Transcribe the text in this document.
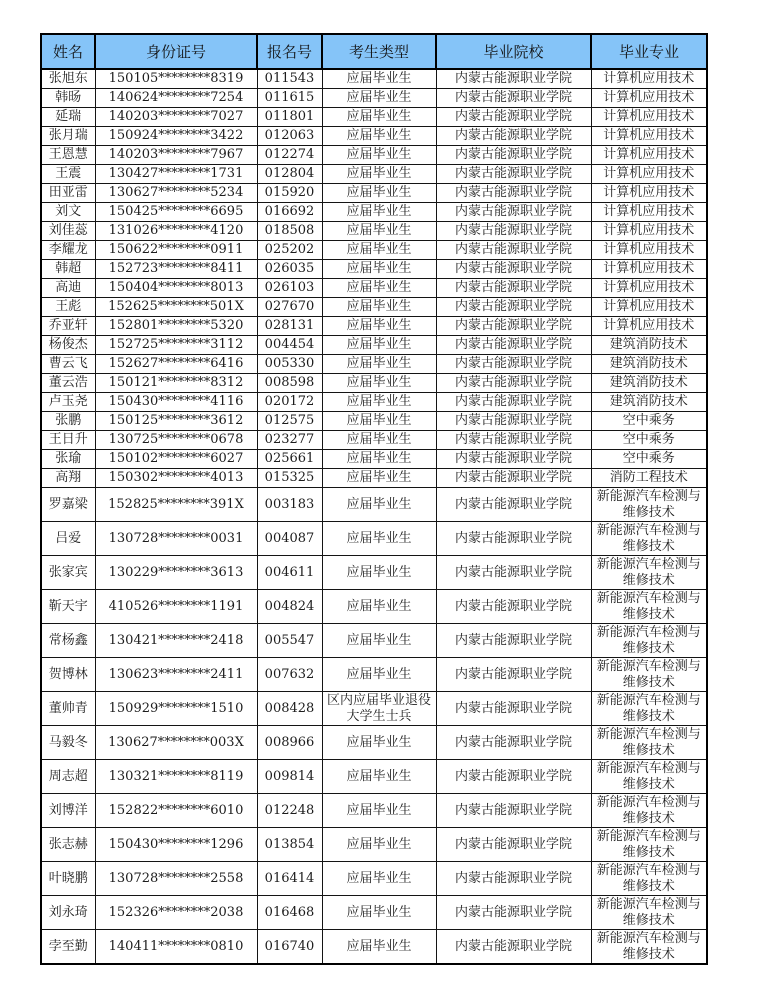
姓名	身份证号	报名号	考生类型	毕业院校	毕业专业
张旭东	150105********8319	011543	应届毕业生	内蒙古能源职业学院	计算机应用技术
韩旸	140624********7254	011615	应届毕业生	内蒙古能源职业学院	计算机应用技术
延瑞	140203********7027	011801	应届毕业生	内蒙古能源职业学院	计算机应用技术
张月瑞	150924********3422	012063	应届毕业生	内蒙古能源职业学院	计算机应用技术
王恩慧	140203********7967	012274	应届毕业生	内蒙古能源职业学院	计算机应用技术
王震	130427********1731	012804	应届毕业生	内蒙古能源职业学院	计算机应用技术
田亚雷	130627********5234	015920	应届毕业生	内蒙古能源职业学院	计算机应用技术
刘文	150425********6695	016692	应届毕业生	内蒙古能源职业学院	计算机应用技术
刘佳蕊	131026********4120	018508	应届毕业生	内蒙古能源职业学院	计算机应用技术
李耀龙	150622********0911	025202	应届毕业生	内蒙古能源职业学院	计算机应用技术
韩超	152723********8411	026035	应届毕业生	内蒙古能源职业学院	计算机应用技术
高迪	150404********8013	026103	应届毕业生	内蒙古能源职业学院	计算机应用技术
王彪	152625********501X	027670	应届毕业生	内蒙古能源职业学院	计算机应用技术
乔亚轩	152801********5320	028131	应届毕业生	内蒙古能源职业学院	计算机应用技术
杨俊杰	152725********3112	004454	应届毕业生	内蒙古能源职业学院	建筑消防技术
曹云飞	152627********6416	005330	应届毕业生	内蒙古能源职业学院	建筑消防技术
董云浩	150121********8312	008598	应届毕业生	内蒙古能源职业学院	建筑消防技术
卢玉尧	150430********4116	020172	应届毕业生	内蒙古能源职业学院	建筑消防技术
张鹏	150125********3612	012575	应届毕业生	内蒙古能源职业学院	空中乘务
王日升	130725********0678	023277	应届毕业生	内蒙古能源职业学院	空中乘务
张瑜	150102********6027	025661	应届毕业生	内蒙古能源职业学院	空中乘务
高翔	150302********4013	015325	应届毕业生	内蒙古能源职业学院	消防工程技术
罗嘉梁	152825********391X	003183	应届毕业生	内蒙古能源职业学院	新能源汽车检测与维修技术
吕爱	130728********0031	004087	应届毕业生	内蒙古能源职业学院	新能源汽车检测与维修技术
张家宾	130229********3613	004611	应届毕业生	内蒙古能源职业学院	新能源汽车检测与维修技术
靳天宇	410526********1191	004824	应届毕业生	内蒙古能源职业学院	新能源汽车检测与维修技术
常杨鑫	130421********2418	005547	应届毕业生	内蒙古能源职业学院	新能源汽车检测与维修技术
贺博林	130623********2411	007632	应届毕业生	内蒙古能源职业学院	新能源汽车检测与维修技术
董帅青	150929********1510	008428	区内应届毕业退役大学生士兵	内蒙古能源职业学院	新能源汽车检测与维修技术
马毅冬	130627********003X	008966	应届毕业生	内蒙古能源职业学院	新能源汽车检测与维修技术
周志超	130321********8119	009814	应届毕业生	内蒙古能源职业学院	新能源汽车检测与维修技术
刘博洋	152822********6010	012248	应届毕业生	内蒙古能源职业学院	新能源汽车检测与维修技术
张志赫	150430********1296	013854	应届毕业生	内蒙古能源职业学院	新能源汽车检测与维修技术
叶晓鹏	130728********2558	016414	应届毕业生	内蒙古能源职业学院	新能源汽车检测与维修技术
刘永琦	152326********2038	016468	应届毕业生	内蒙古能源职业学院	新能源汽车检测与维修技术
孛至勤	140411********0810	016740	应届毕业生	内蒙古能源职业学院	新能源汽车检测与维修技术
